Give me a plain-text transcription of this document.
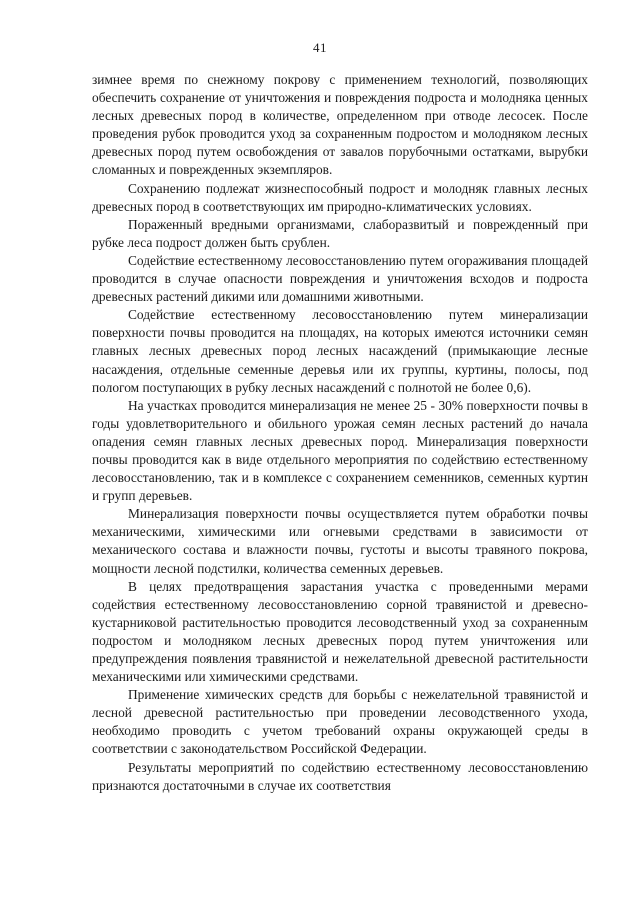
41

зимнее время по снежному покрову с применением технологий, позволяющих обеспечить сохранение от уничтожения и повреждения подроста и молодняка ценных лесных древесных пород в количестве, определенном при отводе лесосек. После проведения рубок проводится уход за сохраненным подростом и молодняком лесных древесных пород путем освобождения от завалов порубочными остатками, вырубки сломанных и поврежденных экземпляров.

Сохранению подлежат жизнеспособный подрост и молодняк главных лесных древесных пород в соответствующих им природно-климатических условиях.

Пораженный вредными организмами, слаборазвитый и поврежденный при рубке леса подрост должен быть срублен.

Содействие естественному лесовосстановлению путем огораживания площадей проводится в случае опасности повреждения и уничтожения всходов и подроста древесных растений дикими или домашними животными.

Содействие естественному лесовосстановлению путем минерализации поверхности почвы проводится на площадях, на которых имеются источники семян главных лесных древесных пород лесных насаждений (примыкающие лесные насаждения, отдельные семенные деревья или их группы, куртины, полосы, под пологом поступающих в рубку лесных насаждений с полнотой не более 0,6).

На участках проводится минерализация не менее 25 - 30% поверхности почвы в годы удовлетворительного и обильного урожая семян лесных растений до начала опадения семян главных лесных древесных пород. Минерализация поверхности почвы проводится как в виде отдельного мероприятия по содействию естественному лесовосстановлению, так и в комплексе с сохранением семенников, семенных куртин и групп деревьев.

Минерализация поверхности почвы осуществляется путем обработки почвы механическими, химическими или огневыми средствами в зависимости от механического состава и влажности почвы, густоты и высоты травяного покрова, мощности лесной подстилки, количества семенных деревьев.

В целях предотвращения зарастания участка с проведенными мерами содействия естественному лесовосстановлению сорной травянистой и древесно-кустарниковой растительностью проводится лесоводственный уход за сохраненным подростом и молодняком лесных древесных пород путем уничтожения или предупреждения появления травянистой и нежелательной древесной растительности механическими или химическими средствами.

Применение химических средств для борьбы с нежелательной травянистой и лесной древесной растительностью при проведении лесоводственного ухода, необходимо проводить с учетом требований охраны окружающей среды в соответствии с законодательством Российской Федерации.

Результаты мероприятий по содействию естественному лесовосстановлению признаются достаточными в случае их соответствия
